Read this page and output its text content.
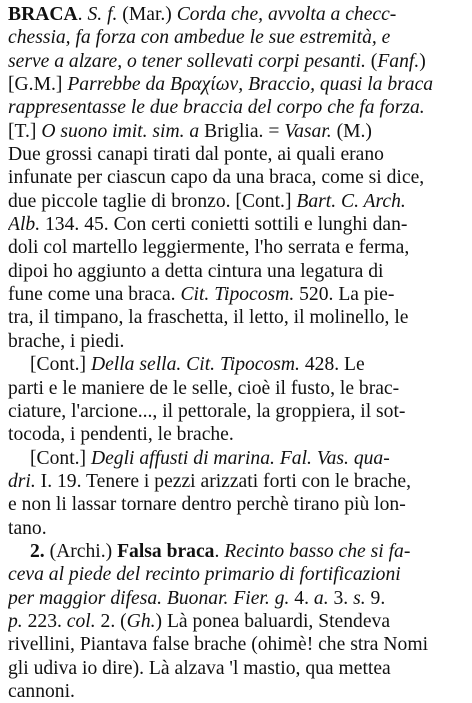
BRACA. S. f. (Mar.) Corda che, avvolta a checc-
chessia, fa forza con ambedue le sue estremità, e
serve a alzare, o tener sollevati corpi pesanti. (Fanf.)
[G.M.] Parrebbe da Βραχίων, Braccio, quasi la braca
rappresentasse le due braccia del corpo che fa forza.
[T.] O suono imit. sim. a Briglia. = Vasar. (M.)
Due grossi canapi tirati dal ponte, ai quali erano
infunate per ciascun capo da una braca, come si dice,
due piccole taglie di bronzo. [Cont.] Bart. C. Arch.
Alb. 134. 45. Con certi conietti sottili e lunghi dan-
doli col martello leggiermente, l'ho serrata e ferma,
dipoi ho aggiunto a detta cintura una legatura di
fune come una braca. Cit. Tipocosm. 520. La pie-
tra, il timpano, la fraschetta, il letto, il molinello, le
brache, i piedi.
[Cont.] Della sella. Cit. Tipocosm. 428. Le
parti e le maniere de le selle, cioè il fusto, le brac-
ciature, l'arcione..., il pettorale, la groppiera, il sot-
tocoda, i pendenti, le brache.
[Cont.] Degli affusti di marina. Fal. Vas. qua-
dri. I. 19. Tenere i pezzi arizzati forti con le brache,
e non li lassar tornare dentro perchè tirano più lon-
tano.
2. (Archi.) Falsa braca. Recinto basso che si fa-
ceva al piede del recinto primario di fortificazioni
per maggior difesa. Buonar. Fier. g. 4. a. 3. s. 9.
p. 223. col. 2. (Gh.) Là ponea baluardi, Stendeva
rivellini, Piantava false brache (ohimè! che stra Nomi
gli udiva io dire). Là alzava 'l mastio, qua mettea
cannoni.
